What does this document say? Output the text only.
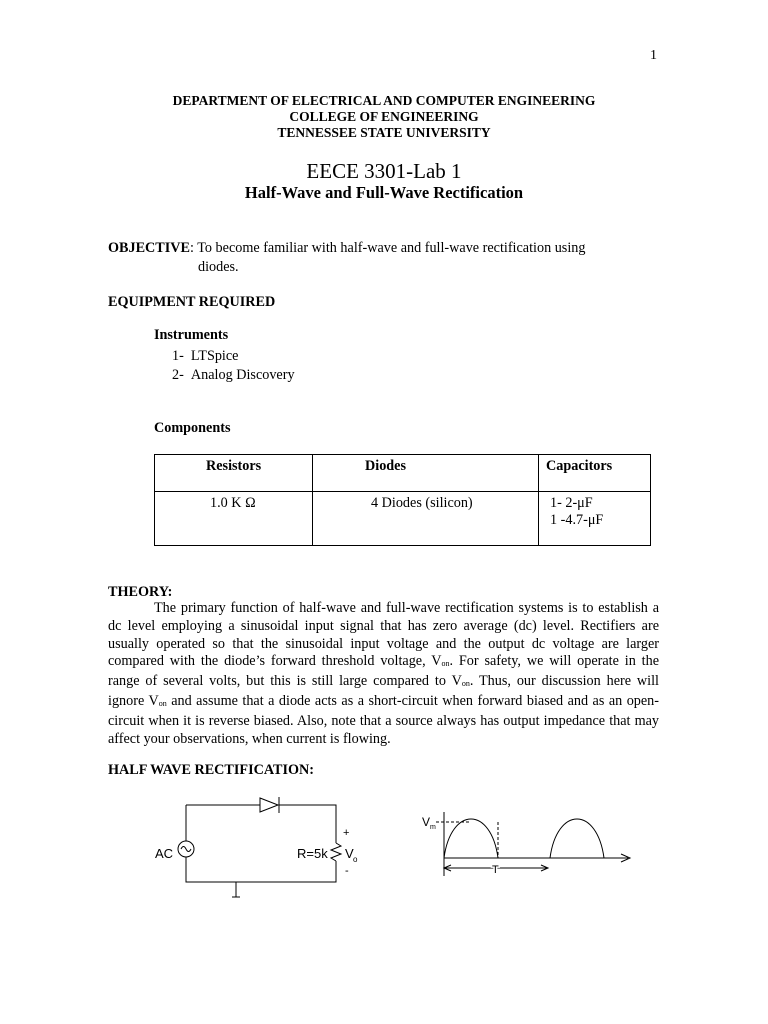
1
DEPARTMENT OF ELECTRICAL AND COMPUTER ENGINEERING
COLLEGE OF ENGINEERING
TENNESSEE STATE UNIVERSITY
EECE 3301-Lab 1
Half-Wave and Full-Wave Rectification
OBJECTIVE: To become familiar with half-wave and full-wave rectification using
diodes.
EQUIPMENT REQUIRED
Instruments
1- LTSpice
2- Analog Discovery
Components
Resistors	Diodes	Capacitors

1.0 K Ω	4 Diodes (silicon)	1- 2-μF
1 -4.7-μF
THEORY:
The primary function of half-wave and full-wave rectification systems is to establish a dc level employing a sinusoidal input signal that has zero average (dc) level. Rectifiers are usually operated so that the sinusoidal input voltage and the output dc voltage are larger compared with the diode’s forward threshold voltage, $V_{on}$. For safety, we will operate in the range of several volts, but this is still large compared to $V_{on}$. Thus, our discussion here will ignore $V_{on}$ and assume that a diode acts as a short-circuit when forward biased and as an open-circuit when it is reverse biased. Also, note that a source always has output impedance that may affect your observations, when current is flowing.
HALF WAVE RECTIFICATION:
AC	R=5k
+
-
V o
V m
T
